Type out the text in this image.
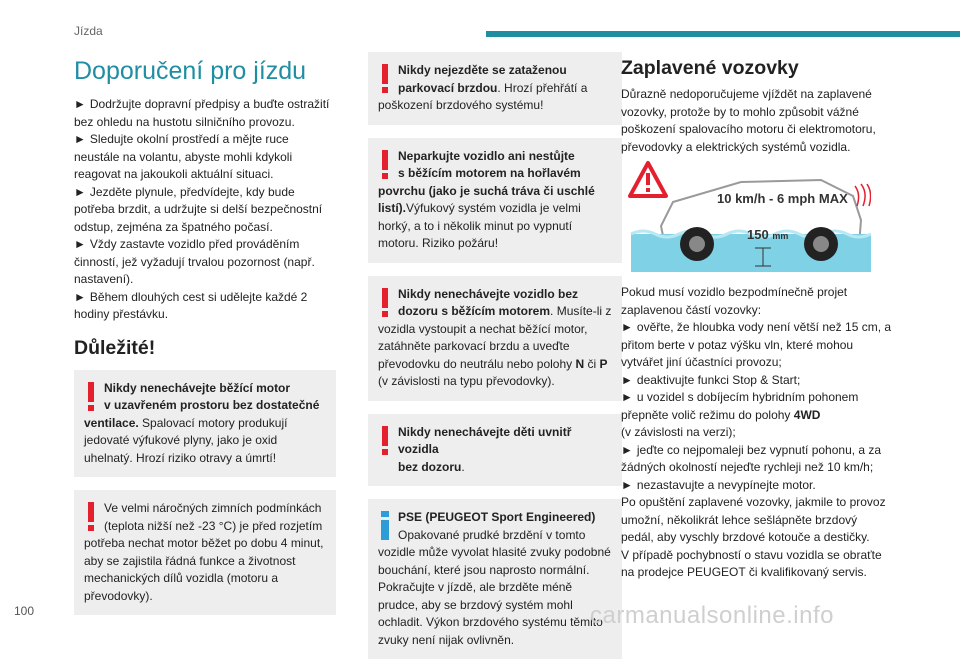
Jízda
Doporučení pro jízdu

► Dodržujte dopravní předpisy a buďte ostražití bez ohledu na hustotu silničního provozu.

► Sledujte okolní prostředí a mějte ruce neustále na volantu, abyste mohli kdykoli reagovat na jakoukoli aktuální situaci.

► Jezděte plynule, předvídejte, kdy bude potřeba brzdit, a udržujte si delší bezpečnostní odstup, zejména za špatného počasí.

► Vždy zastavte vozidlo před prováděním činností, jež vyžadují trvalou pozornost (např. nastavení).

► Během dlouhých cest si udělejte každé 2 hodiny přestávku.

Důležité!
Nikdy nenechávejte běžící motor
v uzavřeném prostoru bez dostatečné ventilace. Spalovací motory produkují jedovaté výfukové plyny, jako je oxid uhelnatý. Hrozí riziko otravy a úmrtí!
Ve velmi náročných zimních podmínkách
(teplota nižší než -23 °C) je před rozjetím potřeba nechat motor běžet po dobu 4 minut, aby se zajistila řádná funkce a životnost mechanických dílů vozidla (motoru a převodovky).
Nikdy nejezděte se zataženou
parkovací brzdou. Hrozí přehřátí a poškození brzdového systému!
Neparkujte vozidlo ani nestůjte
s běžícím motorem na hořlavém povrchu (jako je suchá tráva či uschlé listí).Výfukový systém vozidla je velmi horký, a to i několik minut po vypnutí motoru. Riziko požáru!
Nikdy nenechávejte vozidlo bez
dozoru s běžícím motorem. Musíte-li z vozidla vystoupit a nechat běžící motor, zatáhněte parkovací brzdu a uveďte převodovku do neutrálu nebo polohy N či P (v závislosti na typu převodovky).
Nikdy nenechávejte děti uvnitř vozidla
bez dozoru.
PSE (PEUGEOT Sport Engineered)
Opakované prudké brzdění v tomto
vozidle může vyvolat hlasité zvuky podobné bouchání, které jsou naprosto normální. Pokračujte v jízdě, ale brzděte méně prudce, aby se brzdový systém mohl ochladit. Výkon brzdového systému těmito zvuky není nijak ovlivněn.
Zaplavené vozovky

Důrazně nedoporučujeme vjíždět na zaplavené vozovky, protože by to mohlo způsobit vážné poškození spalovacího motoru či elektromotoru, převodovky a elektrických systémů vozidla.

10 km/h - 6 mph MAX
150 mm

Pokud musí vozidlo bezpodmínečně projet zaplavenou částí vozovky:

► ověřte, že hloubka vody není větší než 15 cm, a přitom berte v potaz výšku vln, které mohou vytvářet jiní účastníci provozu;

► deaktivujte funkci Stop & Start;

► u vozidel s dobíjecím hybridním pohonem přepněte volič režimu do polohy 4WD
(v závislosti na verzi);

► jeďte co nejpomaleji bez vypnutí pohonu, a za žádných okolností nejeďte rychleji než 10 km/h;

► nezastavujte a nevypínejte motor.

Po opuštění zaplavené vozovky, jakmile to provoz umožní, několikrát lehce sešlápněte brzdový pedál, aby vyschly brzdové kotouče a destičky.

V případě pochybností o stavu vozidla se obraťte na prodejce PEUGEOT či kvalifikovaný servis.

100	carmanualsonline.info
